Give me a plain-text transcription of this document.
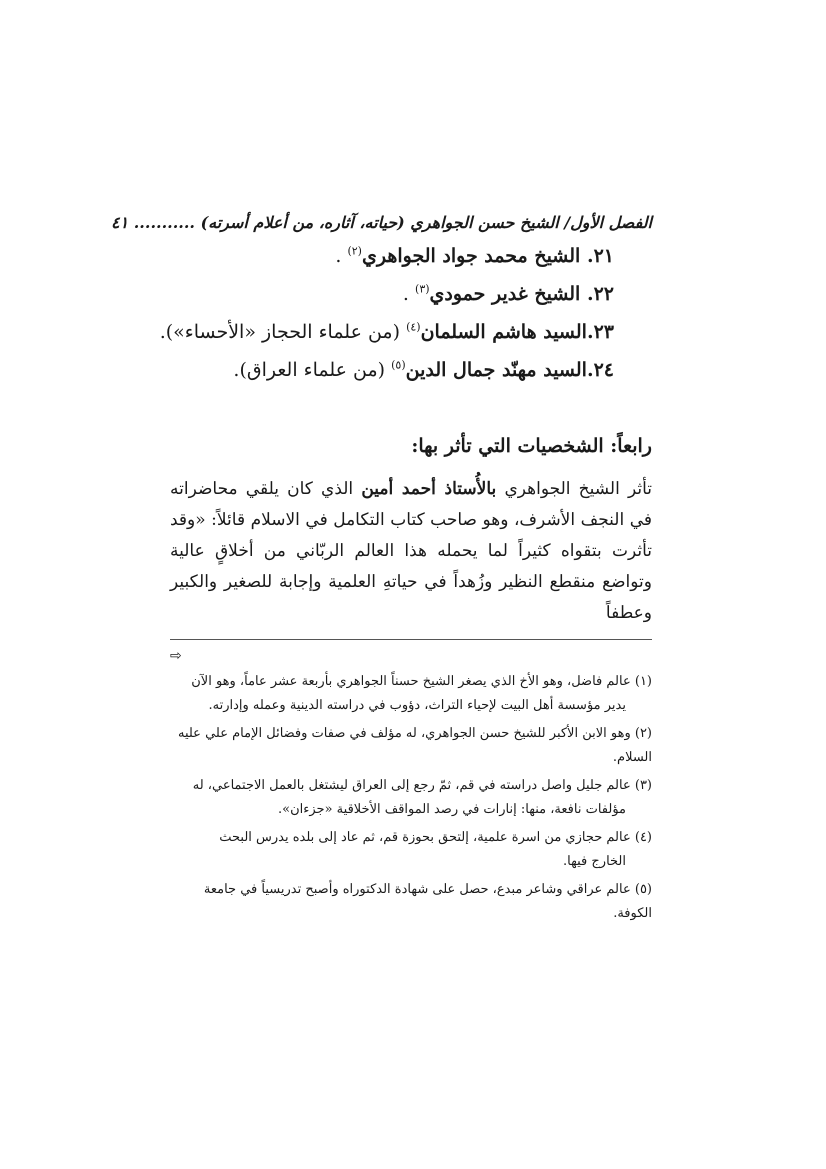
الفصل الأول/ الشيخ حسن الجواهري (حياته، آثاره، من أعلام أسرته) ........... ٤١
٢١. الشيخ محمد جواد الجواهري$^{(٢)}$ .
٢٢. الشيخ غدير حمودي$^{(٣)}$ .
٢٣.السيد هاشم السلمان$^{(٤)}$ (من علماء الحجاز «الأحساء»).
٢٤.السيد مهنّد جمال الدين$^{(٥)}$ (من علماء العراق).
رابعاً: الشخصيات التي تأثر بها:

تأثر الشيخ الجواهري بالأُستاذ أحمد أمين الذي كان يلقي محاضراته في النجف الأشرف، وهو صاحب كتاب التكامل في الاسلام قائلاً: «وقد تأثرت بتقواه كثيراً لما يحمله هذا العالم الربّاني من أخلاقٍ عالية وتواضع منقطع النظير وزُهداً في حياتهِ العلمية وإجابة للصغير والكبير وعطفاً

⇨
(١) عالم فاضل، وهو الأخ الذي يصغر الشيخ حسناً الجواهري بأربعة عشر عاماً، وهو الآن
يدير مؤسسة أهل البيت لإحياء التراث، دؤوب في دراسته الدينية وعمله وإدارته.
(٢) وهو الابن الأكبر للشيخ حسن الجواهري، له مؤلف في صفات وفضائل الإمام علي عليه السلام.
(٣) عالم جليل واصل دراسته في قم، ثمّ رجع إلى العراق ليشتغل بالعمل الاجتماعي، له
مؤلفات نافعة، منها: إنارات في رصد المواقف الأخلاقية «جزءان».
(٤) عالم حجازي من اسرة علمية، إلتحق بحوزة قم، ثم عاد إلى بلده يدرس البحث
الخارج فيها.
(٥) عالم عراقي وشاعر مبدع، حصل على شهادة الدكتوراه وأصبح تدريسياً في جامعة الكوفة.
